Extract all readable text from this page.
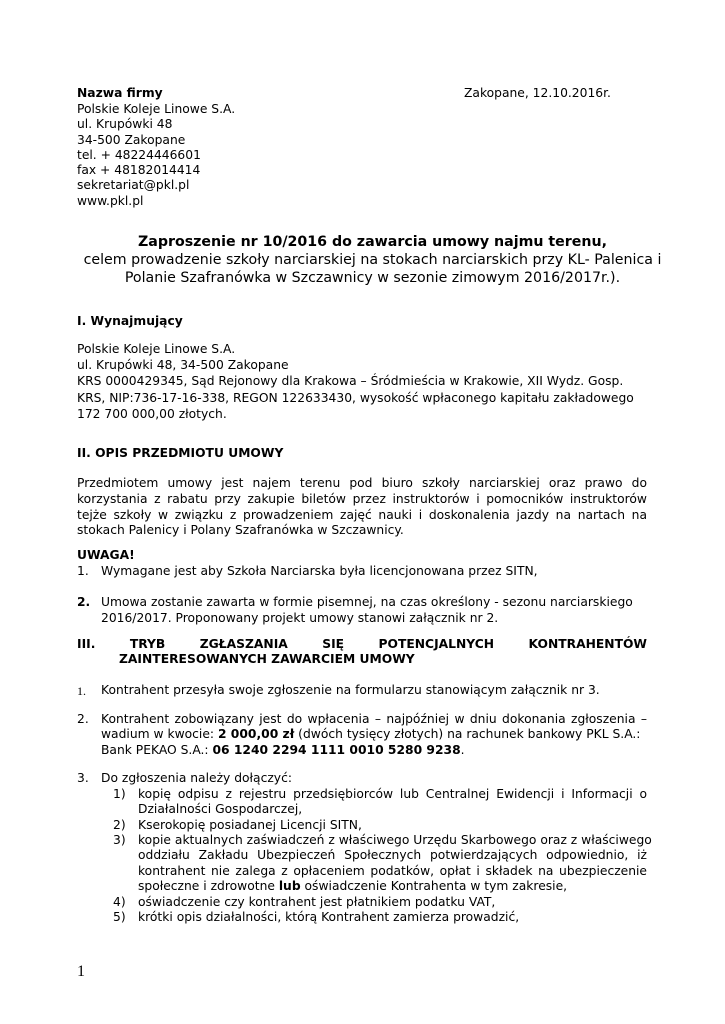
Nazwa firmy	Zakopane, 12.10.2016r.
Polskie Koleje Linowe S.A.
ul. Krupówki 48
34-500 Zakopane
tel. + 48224446601
fax + 48182014414
sekretariat@pkl.pl
www.pkl.pl
Zaproszenie nr 10/2016 do zawarcia umowy najmu terenu,
celem prowadzenie szkoły narciarskiej na stokach narciarskich przy KL- Palenica i
Polanie Szafranówka w Szczawnicy w sezonie zimowym 2016/2017r.).
I. Wynajmujący
Polskie Koleje Linowe S.A.
ul. Krupówki 48, 34-500 Zakopane
KRS 0000429345, Sąd Rejonowy dla Krakowa – Śródmieścia w Krakowie, XII Wydz. Gosp.
KRS, NIP:736-17-16-338, REGON 122633430, wysokość wpłaconego kapitału zakładowego
172 700 000,00 złotych.
II. OPIS PRZEDMIOTU UMOWY
Przedmiotem umowy jest najem terenu pod biuro szkoły narciarskiej oraz prawo do
korzystania z rabatu przy zakupie biletów przez instruktorów i pomocników instruktorów
tejże szkoły w związku z prowadzeniem zajęć nauki i doskonalenia jazdy na nartach na
stokach Palenicy i Polany Szafranówka w Szczawnicy.
UWAGA!
1. Wymagane jest aby Szkoła Narciarska była licencjonowana przez SITN,
2. Umowa zostanie zawarta w formie pisemnej, na czas określony - sezonu narciarskiego
2016/2017. Proponowany projekt umowy stanowi załącznik nr 2.
III.	TRYB	ZGŁASZANIA	SIĘ	POTENCJALNYCH	KONTRAHENTÓW
ZAINTERESOWANYCH ZAWARCIEM UMOWY
1. Kontrahent przesyła swoje zgłoszenie na formularzu stanowiącym załącznik nr 3.
2. Kontrahent zobowiązany jest do wpłacenia – najpóźniej w dniu dokonania zgłoszenia –
wadium w kwocie: 2 000,00 zł (dwóch tysięcy złotych) na rachunek bankowy PKL S.A.:
Bank PEKAO S.A.: 06 1240 2294 1111 0010 5280 9238.
3. Do zgłoszenia należy dołączyć:
1) kopię odpisu z rejestru przedsiębiorców lub Centralnej Ewidencji i Informacji o
Działalności Gospodarczej,
2) Kserokopię posiadanej Licencji SITN,
3) kopie aktualnych zaświadczeń z właściwego Urzędu Skarbowego oraz z właściwego
oddziału Zakładu Ubezpieczeń Społecznych potwierdzających odpowiednio, iż
kontrahent nie zalega z opłaceniem podatków, opłat i składek na ubezpieczenie
społeczne i zdrowotne lub oświadczenie Kontrahenta w tym zakresie,
4) oświadczenie czy kontrahent jest płatnikiem podatku VAT,
5) krótki opis działalności, którą Kontrahent zamierza prowadzić,
1
